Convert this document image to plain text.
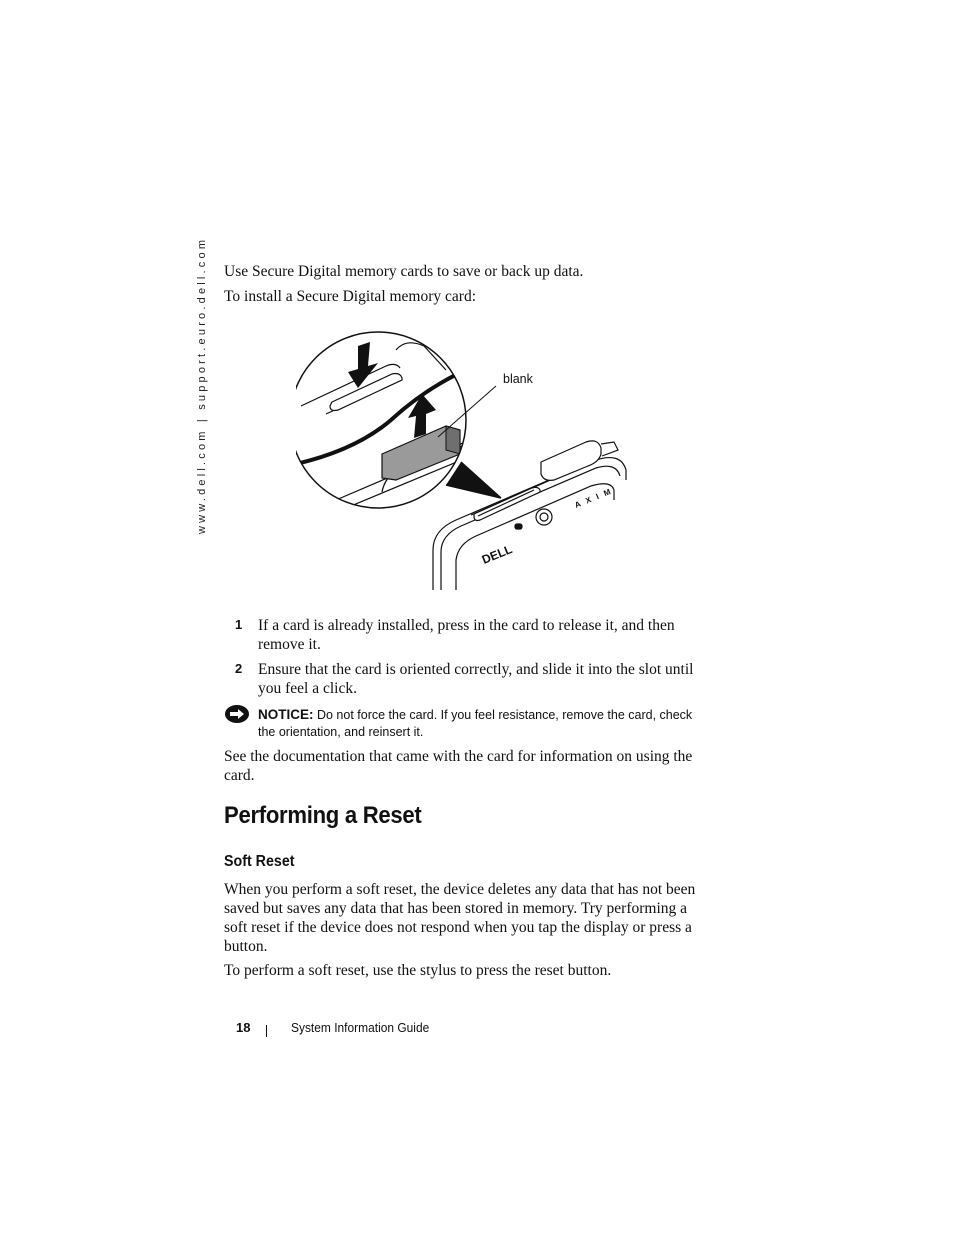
www.dell.com | support.euro.dell.com Use Secure Digital memory cards to save or back up data.

To install a Secure Digital memory card:

AXIM
DELL
blank
1 If a card is already installed, press in the card to release it, and then remove it.

2 Ensure that the card is oriented correctly, and slide it into the slot until you feel a click.

NOTICE: Do not force the card. If you feel resistance, remove the card, check the orientation, and reinsert it.

See the documentation that came with the card for information on using the card.

Performing a Reset
Soft Reset

When you perform a soft reset, the device deletes any data that has not been saved but saves any data that has been stored in memory. Try performing a soft reset if the device does not respond when you tap the display or press a button.

To perform a soft reset, use the stylus to press the reset button.

18	System Information Guide
